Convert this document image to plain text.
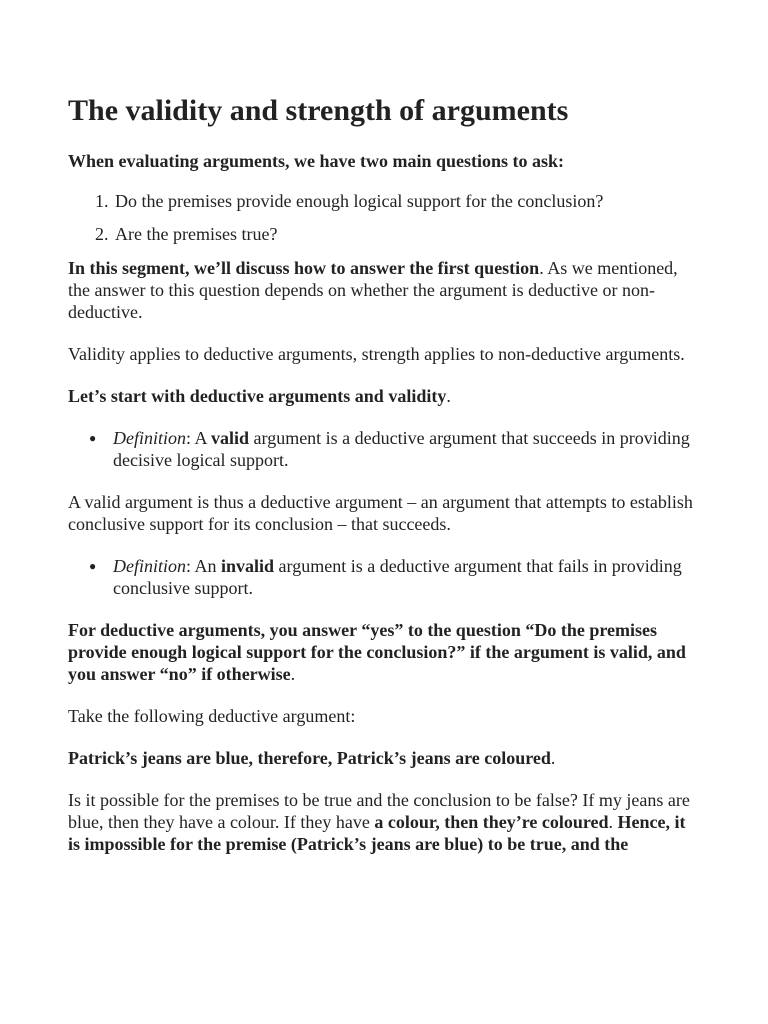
The validity and strength of arguments

When evaluating arguments, we have two main questions to ask:

1. Do the premises provide enough logical support for the conclusion?
2. Are the premises true?

In this segment, we’ll discuss how to answer the first question. As we mentioned, the answer to this question depends on whether the argument is deductive or non-deductive.

Validity applies to deductive arguments, strength applies to non-deductive arguments.

Let’s start with deductive arguments and validity.

● Definition: A valid argument is a deductive argument that succeeds in providing decisive logical support.

A valid argument is thus a deductive argument – an argument that attempts to establish conclusive support for its conclusion – that succeeds.

● Definition: An invalid argument is a deductive argument that fails in providing conclusive support.

For deductive arguments, you answer “yes” to the question “Do the premises provide enough logical support for the conclusion?” if the argument is valid, and you answer “no” if otherwise.

Take the following deductive argument:

Patrick’s jeans are blue, therefore, Patrick’s jeans are coloured.

Is it possible for the premises to be true and the conclusion to be false? If my jeans are blue, then they have a colour. If they have a colour, then they’re coloured. Hence, it is impossible for the premise (Patrick’s jeans are blue) to be true, and the
